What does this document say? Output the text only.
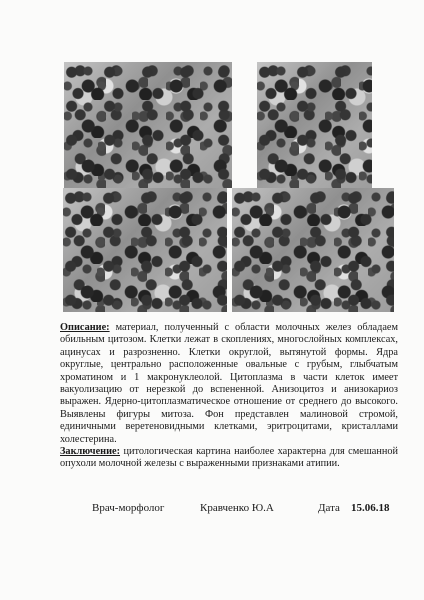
Описание: материал, полученный с области молочных желез обладаем обильным цитозом. Клетки лежат в скоплениях, многослойных комплексах, ацинусах и разрозненно. Клетки округлой, вытянутой формы. Ядра округлые, центрально расположенные овальные с грубым, глыбчатым хроматином и 1 макронуклеолой. Цитоплазма в части клеток имеет вакуолизацию от нерезкой до вспененной. Анизоцитоз и анизокариоз выражен. Ядерно-цитоплазматическое отношение от среднего до высокого. Выявлены фигуры митоза. Фон представлен малиновой стромой, единичными веретеновидными клетками, эритроцитами, кристаллами холестерина.

Заключение: цитологическая картина наиболее характерна для смешанной опухоли молочной железы с выраженными признаками атипии.

Врач-морфолог	Кравченко Ю.А	Дата 15.06.18
